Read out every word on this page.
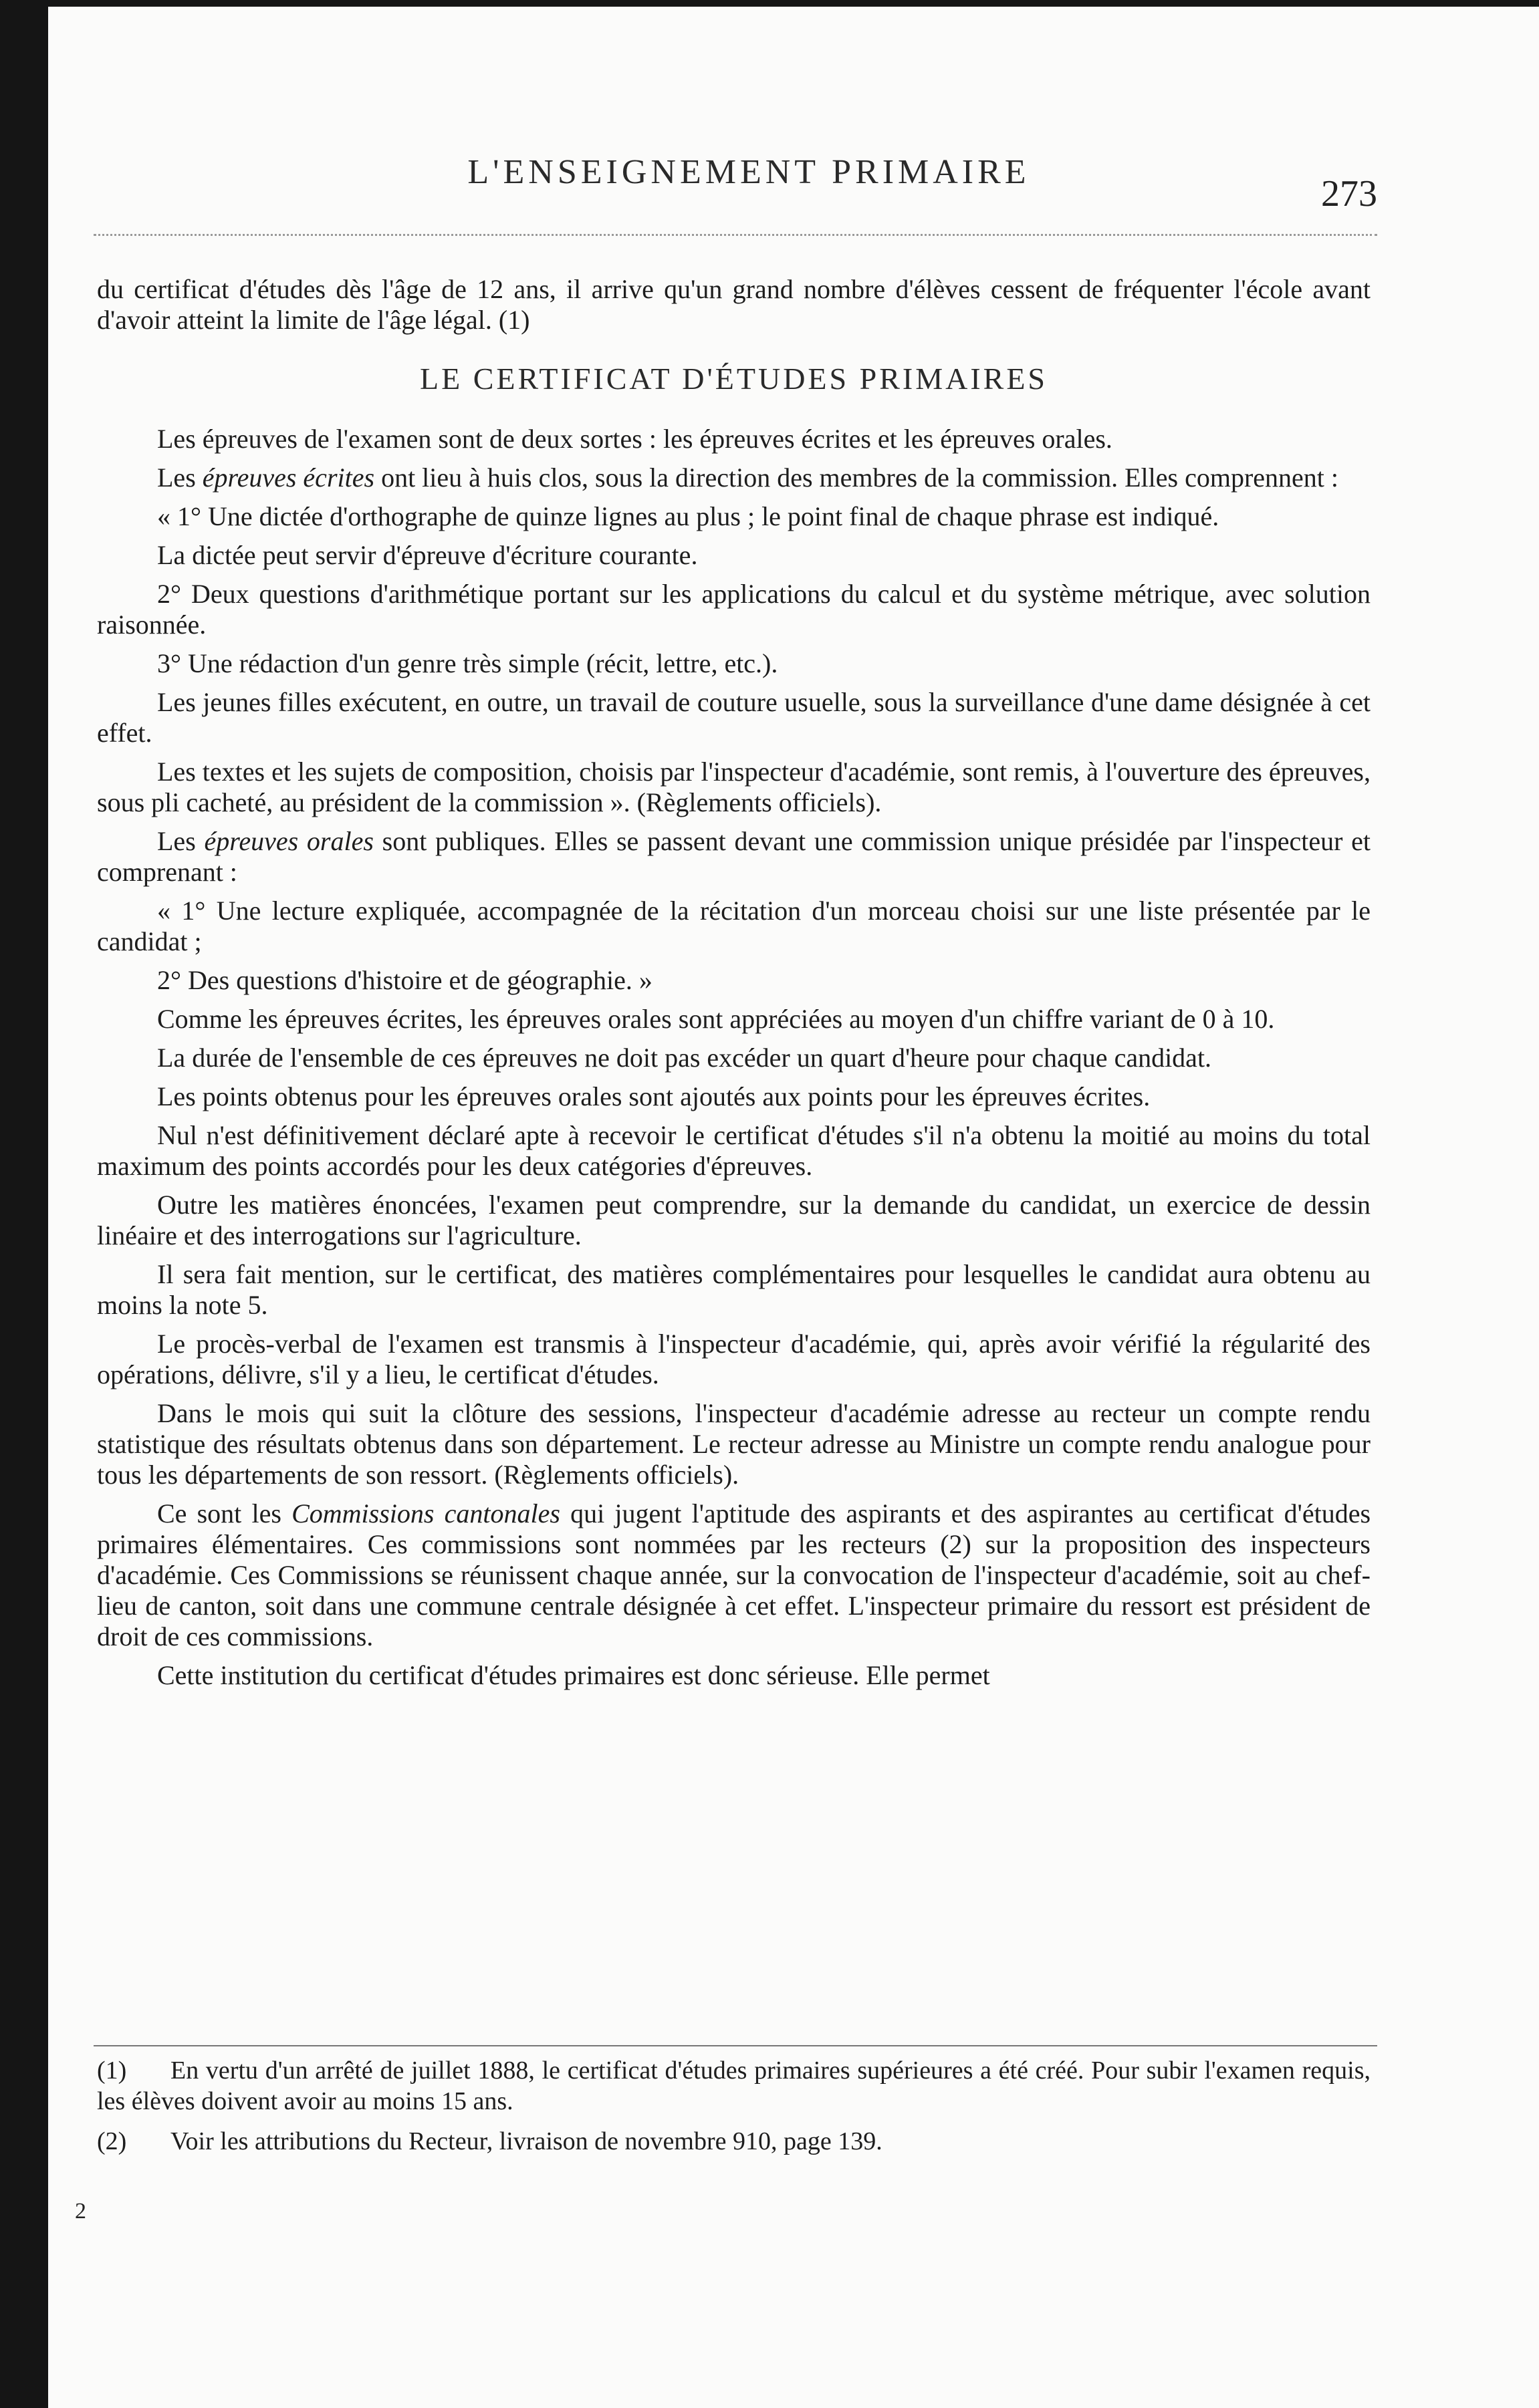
L'ENSEIGNEMENT PRIMAIRE
273

du certificat d'études dès l'âge de 12 ans, il arrive qu'un grand nombre d'élèves cessent de fréquenter l'école avant d'avoir atteint la limite de l'âge légal. (1)

LE CERTIFICAT D'ÉTUDES PRIMAIRES

Les épreuves de l'examen sont de deux sortes : les épreuves écrites et les épreuves orales.

Les épreuves écrites ont lieu à huis clos, sous la direction des membres de la commission. Elles comprennent :

« 1° Une dictée d'orthographe de quinze lignes au plus ; le point final de chaque phrase est indiqué.

La dictée peut servir d'épreuve d'écriture courante.

2° Deux questions d'arithmétique portant sur les applications du calcul et du système métrique, avec solution raisonnée.

3° Une rédaction d'un genre très simple (récit, lettre, etc.).

Les jeunes filles exécutent, en outre, un travail de couture usuelle, sous la surveillance d'une dame désignée à cet effet.

Les textes et les sujets de composition, choisis par l'inspecteur d'académie, sont remis, à l'ouverture des épreuves, sous pli cacheté, au président de la commission ». (Règlements officiels).

Les épreuves orales sont publiques. Elles se passent devant une commission unique présidée par l'inspecteur et comprenant :

« 1° Une lecture expliquée, accompagnée de la récitation d'un morceau choisi sur une liste présentée par le candidat ;

2° Des questions d'histoire et de géographie. »

Comme les épreuves écrites, les épreuves orales sont appréciées au moyen d'un chiffre variant de 0 à 10.

La durée de l'ensemble de ces épreuves ne doit pas excéder un quart d'heure pour chaque candidat.

Les points obtenus pour les épreuves orales sont ajoutés aux points pour les épreuves écrites.

Nul n'est définitivement déclaré apte à recevoir le certificat d'études s'il n'a obtenu la moitié au moins du total maximum des points accordés pour les deux catégories d'épreuves.

Outre les matières énoncées, l'examen peut comprendre, sur la demande du candidat, un exercice de dessin linéaire et des interrogations sur l'agriculture.

Il sera fait mention, sur le certificat, des matières complémentaires pour lesquelles le candidat aura obtenu au moins la note 5.

Le procès-verbal de l'examen est transmis à l'inspecteur d'académie, qui, après avoir vérifié la régularité des opérations, délivre, s'il y a lieu, le certificat d'études.

Dans le mois qui suit la clôture des sessions, l'inspecteur d'académie adresse au recteur un compte rendu statistique des résultats obtenus dans son département. Le recteur adresse au Ministre un compte rendu analogue pour tous les départements de son ressort. (Règlements officiels).

Ce sont les Commissions cantonales qui jugent l'aptitude des aspirants et des aspirantes au certificat d'études primaires élémentaires. Ces commissions sont nommées par les recteurs (2) sur la proposition des inspecteurs d'académie. Ces Commissions se réunissent chaque année, sur la convocation de l'inspecteur d'académie, soit au chef-lieu de canton, soit dans une commune centrale désignée à cet effet. L'inspecteur primaire du ressort est président de droit de ces commissions.

Cette institution du certificat d'études primaires est donc sérieuse. Elle permet

(1) En vertu d'un arrêté de juillet 1888, le certificat d'études primaires supérieures a été créé. Pour subir l'examen requis, les élèves doivent avoir au moins 15 ans.

(2) Voir les attributions du Recteur, livraison de novembre 910, page 139.

2
